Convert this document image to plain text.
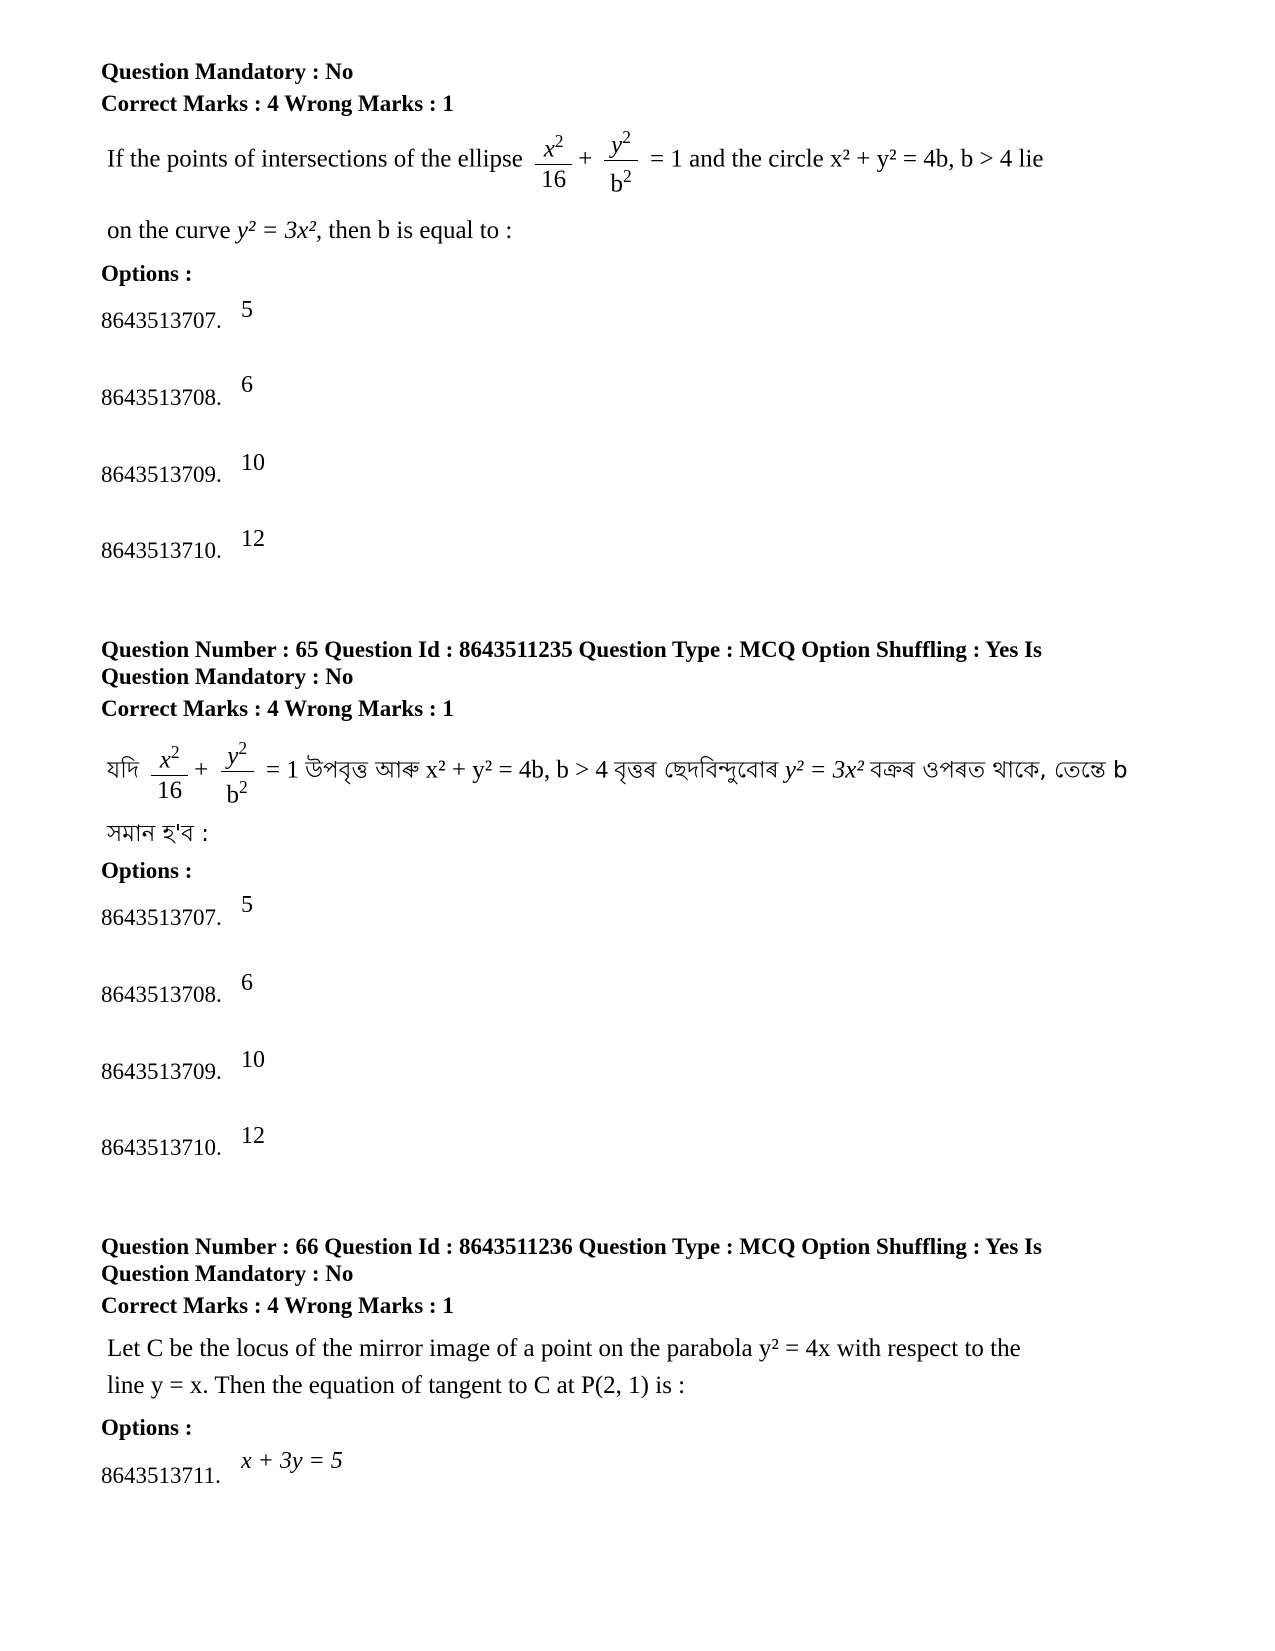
Question Mandatory : No
Correct Marks : 4 Wrong Marks : 1
If the points of intersections of the ellipse $\frac{x^2}{16} + \frac{y^2}{b^2} = 1$ and the circle x² + y² = 4b, b > 4 lie
on the curve y² = 3x², then b is equal to :
Options :
8643513707. 5
8643513708. 6
8643513709. 10
8643513710. 12
Question Number : 65 Question Id : 8643511235 Question Type : MCQ Option Shuffling : Yes Is
Question Mandatory : No
Correct Marks : 4 Wrong Marks : 1
যদি $\frac{x^2}{16} + \frac{y^2}{b^2} = 1$ উপবৃত্ত আৰু x² + y² = 4b, b > 4 বৃত্তৰ ছেদবিন্দুবোৰ y² = 3x² বক্ৰৰ ওপৰত থাকে, তেন্তে b
সমান হ'ব :
Options :
8643513707. 5
8643513708. 6
8643513709. 10
8643513710. 12
Question Number : 66 Question Id : 8643511236 Question Type : MCQ Option Shuffling : Yes Is
Question Mandatory : No
Correct Marks : 4 Wrong Marks : 1
Let C be the locus of the mirror image of a point on the parabola y² = 4x with respect to the
line y = x. Then the equation of tangent to C at P(2, 1) is :
Options :
8643513711.
x + 3y = 5
